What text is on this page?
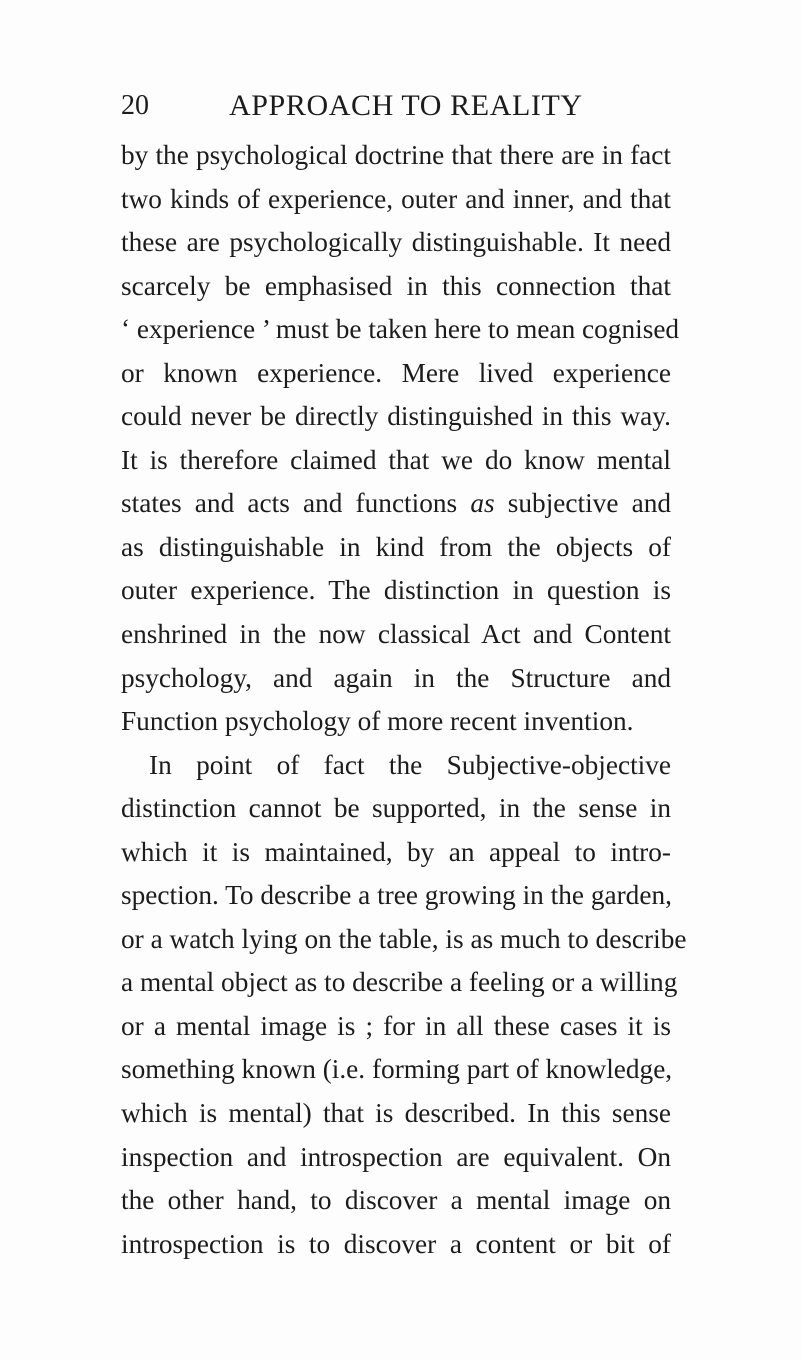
20	APPROACH TO REALITY
by the psychological doctrine that there are in fact
two kinds of experience, outer and inner, and that
these are psychologically distinguishable. It need
scarcely be emphasised in this connection that
‘ experience ’ must be taken here to mean cognised
or known experience. Mere lived experience
could never be directly distinguished in this way.
It is therefore claimed that we do know mental
states and acts and functions as subjective and
as distinguishable in kind from the objects of
outer experience. The distinction in question is
enshrined in the now classical Act and Content
psychology, and again in the Structure and
Function psychology of more recent invention.
In point of fact the Subjective-objective
distinction cannot be supported, in the sense in
which it is maintained, by an appeal to intro-
spection. To describe a tree growing in the garden,
or a watch lying on the table, is as much to describe
a mental object as to describe a feeling or a willing
or a mental image is ; for in all these cases it is
something known (i.e. forming part of knowledge,
which is mental) that is described. In this sense
inspection and introspection are equivalent. On
the other hand, to discover a mental image on
introspection is to discover a content or bit of
